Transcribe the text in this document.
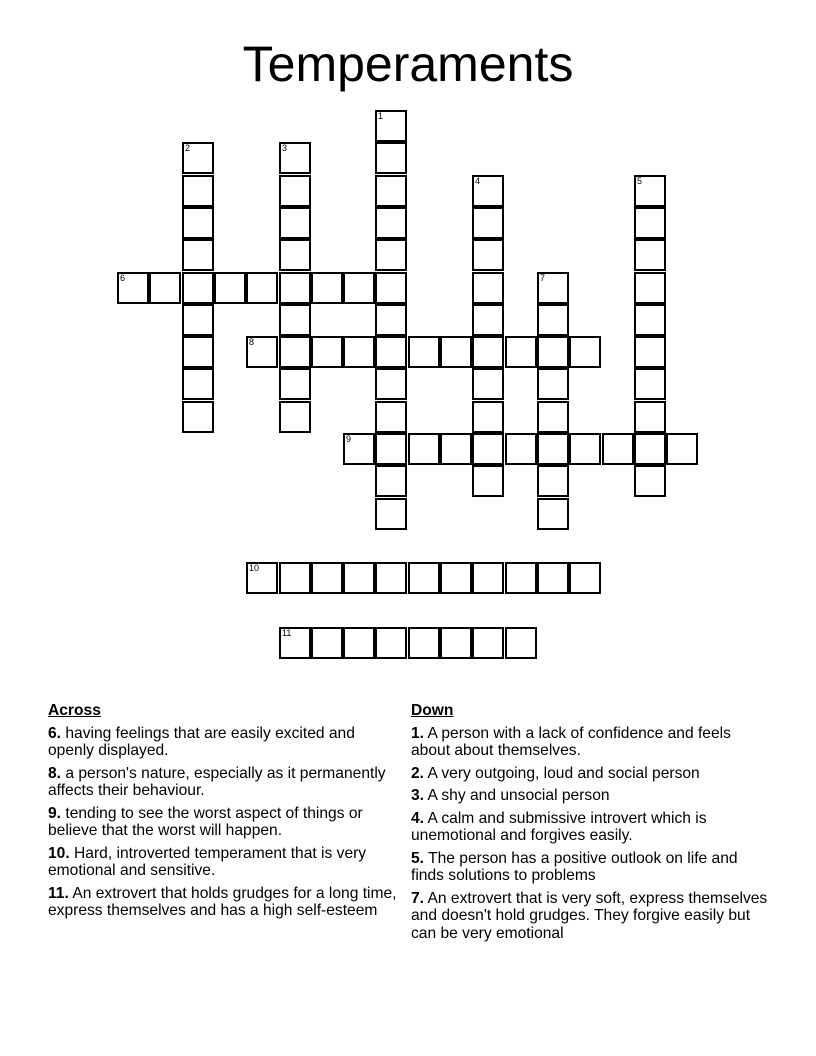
Temperaments
1
2	3
4	5
6	7
8
9
10
11
Across
6. having feelings that are easily excited and openly displayed.
8. a person's nature, especially as it permanently affects their behaviour.
9. tending to see the worst aspect of things or believe that the worst will happen.
10. Hard, introverted temperament that is very emotional and sensitive.
11. An extrovert that holds grudges for a long time, express themselves and has a high self-esteem
Down
1. A person with a lack of confidence and feels about about themselves.
2. A very outgoing, loud and social person
3. A shy and unsocial person
4. A calm and submissive introvert which is unemotional and forgives easily.
5. The person has a positive outlook on life and finds solutions to problems
7. An extrovert that is very soft, express themselves and doesn't hold grudges. They forgive easily but can be very emotional
